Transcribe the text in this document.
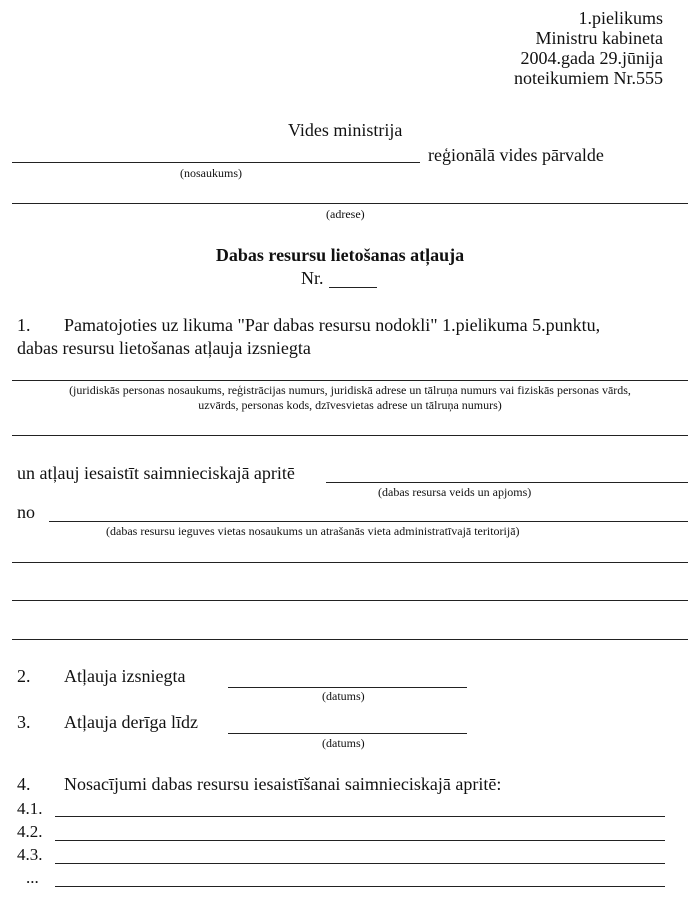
1.pielikums
Ministru kabineta
2004.gada 29.jūnija
noteikumiem Nr.555
Vides ministrija
reģionālā vides pārvalde
(nosaukums)
(adrese)
Dabas resursu lietošanas atļauja
Nr.
1. Pamatojoties uz likuma "Par dabas resursu nodokli" 1.pielikuma 5.punktu,
dabas resursu lietošanas atļauja izsniegta
(juridiskās personas nosaukums, reģistrācijas numurs, juridiskā adrese un tālruņa numurs vai fiziskās personas vārds,
uzvārds, personas kods, dzīvesvietas adrese un tālruņa numurs)
un atļauj iesaistīt saimnieciskajā apritē
(dabas resursa veids un apjoms)
no
(dabas resursu ieguves vietas nosaukums un atrašanās vieta administratīvajā teritorijā)
2. Atļauja izsniegta
(datums)
3. Atļauja derīga līdz
(datums)
4. Nosacījumi dabas resursu iesaistīšanai saimnieciskajā apritē:
4.1.
4.2.
4.3.
...
